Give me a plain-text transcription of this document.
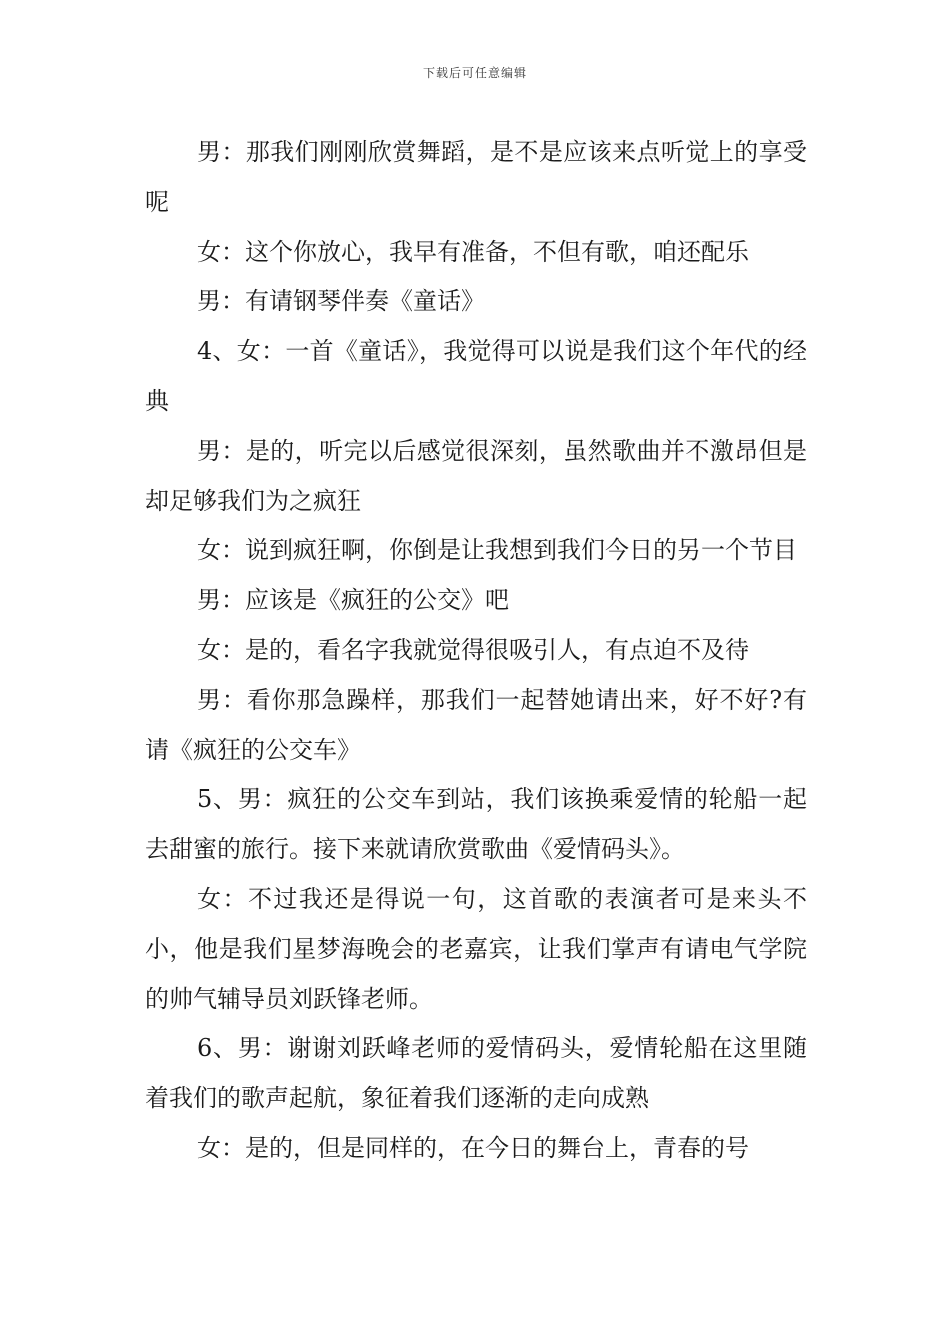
下载后可任意编辑

男：那我们刚刚欣赏舞蹈，是不是应该来点听觉上的享受呢

女：这个你放心，我早有准备，不但有歌，咱还配乐

男：有请钢琴伴奏《童话》

4、女：一首《童话》，我觉得可以说是我们这个年代的经典

男：是的，听完以后感觉很深刻，虽然歌曲并不激昂但是却足够我们为之疯狂

女：说到疯狂啊，你倒是让我想到我们今日的另一个节目

男：应该是《疯狂的公交》吧

女：是的，看名字我就觉得很吸引人，有点迫不及待

男：看你那急躁样，那我们一起替她请出来，好不好?有请《疯狂的公交车》

5、男：疯狂的公交车到站，我们该换乘爱情的轮船一起去甜蜜的旅行。接下来就请欣赏歌曲《爱情码头》。

女：不过我还是得说一句，这首歌的表演者可是来头不小，他是我们星梦海晚会的老嘉宾，让我们掌声有请电气学院的帅气辅导员刘跃锋老师。

6、男：谢谢刘跃峰老师的爱情码头，爱情轮船在这里随着我们的歌声起航，象征着我们逐渐的走向成熟

女：是的，但是同样的，在今日的舞台上，青春的号
